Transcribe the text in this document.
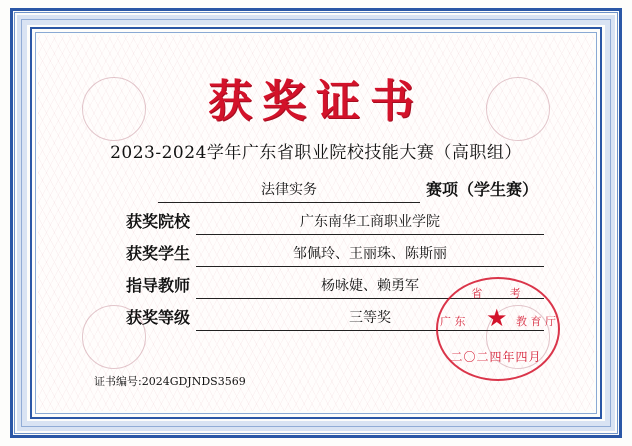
获奖证书
2023-2024学年广东省职业院校技能大赛（高职组）
法律实务	赛项（学生赛）
获奖院校	广东南华工商职业学院
获奖学生	邹佩玲、王丽珠、陈斯丽
指导教师	杨咏婕、赖勇军
获奖等级	三等奖
证书编号:2024GDJNDS3569
省 考
广 东	教 育 厅
★
二〇二四年四月
